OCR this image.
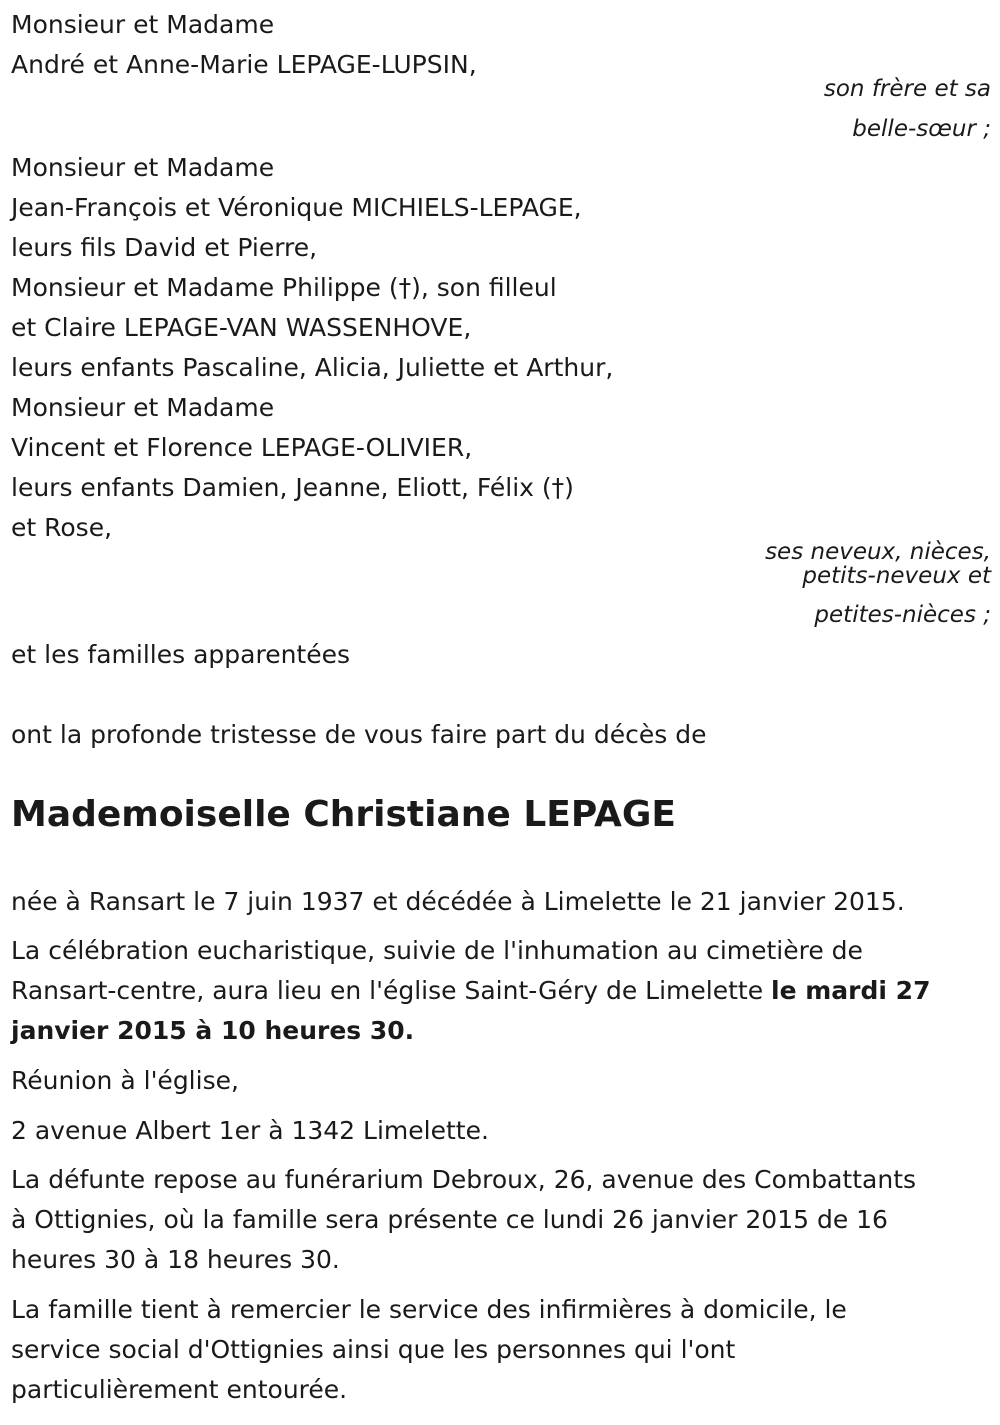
Monsieur et Madame
André et Anne-Marie LEPAGE-LUPSIN,
son frère et sa
belle-sœur ;
Monsieur et Madame
Jean-François et Véronique MICHIELS-LEPAGE,
leurs fils David et Pierre,
Monsieur et Madame Philippe (†), son filleul
et Claire LEPAGE-VAN WASSENHOVE,
leurs enfants Pascaline, Alicia, Juliette et Arthur,
Monsieur et Madame
Vincent et Florence LEPAGE-OLIVIER,
leurs enfants Damien, Jeanne, Eliott, Félix (†)
et Rose,
ses neveux, nièces,
petits-neveux et
petites-nièces ;
et les familles apparentées
ont la profonde tristesse de vous faire part du décès de
Mademoiselle Christiane LEPAGE
née à Ransart le 7 juin 1937 et décédée à Limelette le 21 janvier 2015.
La célébration eucharistique, suivie de l'inhumation au cimetière de
Ransart-centre, aura lieu en l'église Saint-Géry de Limelette le mardi 27
janvier 2015 à 10 heures 30.
Réunion à l'église,
2 avenue Albert 1er à 1342 Limelette.
La défunte repose au funérarium Debroux, 26, avenue des Combattants
à Ottignies, où la famille sera présente ce lundi 26 janvier 2015 de 16
heures 30 à 18 heures 30.
La famille tient à remercier le service des infirmières à domicile, le
service social d'Ottignies ainsi que les personnes qui l'ont
particulièrement entourée.
